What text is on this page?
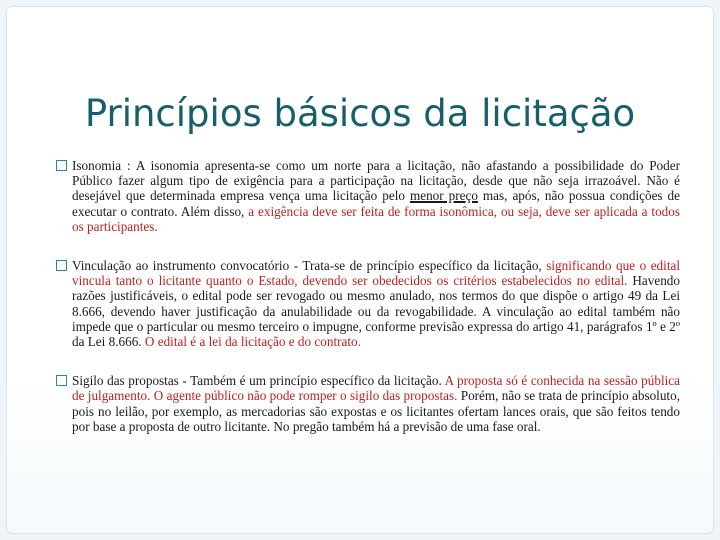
Princípios básicos da licitação

Isonomia : A isonomia apresenta-se como um norte para a licitação, não afastando a possibilidade do Poder Público fazer algum tipo de exigência para a participação na licitação, desde que não seja irrazoável. Não é desejável que determinada empresa vença uma licitação pelo menor preço mas, após, não possua condições de executar o contrato. Além disso, a exigência deve ser feita de forma isonômica, ou seja, deve ser aplicada a todos os participantes.

Vinculação ao instrumento convocatório - Trata-se de princípio específico da licitação, significando que o edital vincula tanto o licitante quanto o Estado, devendo ser obedecidos os critérios estabelecidos no edital. Havendo razões justificáveis, o edital pode ser revogado ou mesmo anulado, nos termos do que dispõe o artigo 49 da Lei 8.666, devendo haver justificação da anulabilidade ou da revogabilidade. A vinculação ao edital também não impede que o particular ou mesmo terceiro o impugne, conforme previsão expressa do artigo 41, parágrafos 1º e 2º da Lei 8.666. O edital é a lei da licitação e do contrato.

Sigilo das propostas - Também é um princípio específico da licitação. A proposta só é conhecida na sessão pública de julgamento. O agente público não pode romper o sigilo das propostas. Porém, não se trata de princípio absoluto, pois no leilão, por exemplo, as mercadorias são expostas e os licitantes ofertam lances orais, que são feitos tendo por base a proposta de outro licitante. No pregão também há a previsão de uma fase oral.
